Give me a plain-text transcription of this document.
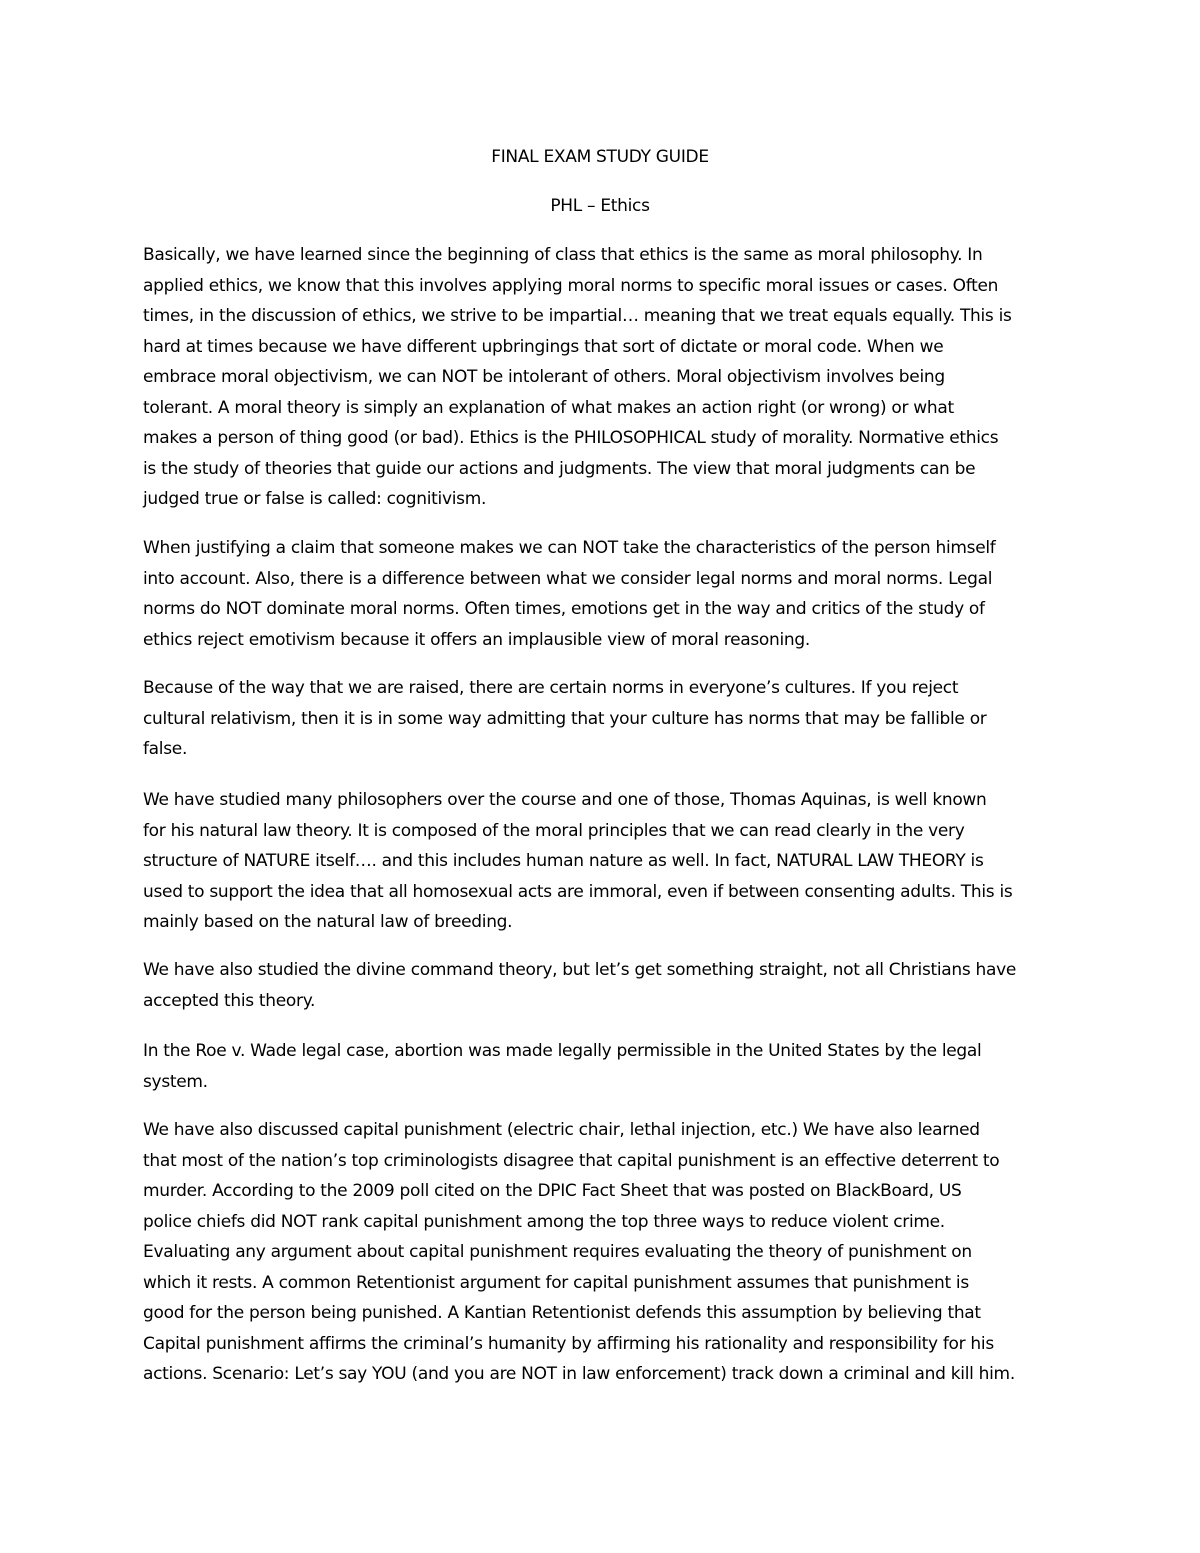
FINAL EXAM STUDY GUIDE

PHL – Ethics

Basically, we have learned since the beginning of class that ethics is the same as moral philosophy. In
applied ethics, we know that this involves applying moral norms to specific moral issues or cases. Often
times, in the discussion of ethics, we strive to be impartial… meaning that we treat equals equally. This is
hard at times because we have different upbringings that sort of dictate or moral code. When we
embrace moral objectivism, we can NOT be intolerant of others. Moral objectivism involves being
tolerant. A moral theory is simply an explanation of what makes an action right (or wrong) or what
makes a person of thing good (or bad). Ethics is the PHILOSOPHICAL study of morality. Normative ethics
is the study of theories that guide our actions and judgments. The view that moral judgments can be
judged true or false is called: cognitivism.
When justifying a claim that someone makes we can NOT take the characteristics of the person himself
into account. Also, there is a difference between what we consider legal norms and moral norms. Legal
norms do NOT dominate moral norms. Often times, emotions get in the way and critics of the study of
ethics reject emotivism because it offers an implausible view of moral reasoning.
Because of the way that we are raised, there are certain norms in everyone’s cultures. If you reject
cultural relativism, then it is in some way admitting that your culture has norms that may be fallible or
false.
We have studied many philosophers over the course and one of those, Thomas Aquinas, is well known
for his natural law theory. It is composed of the moral principles that we can read clearly in the very
structure of NATURE itself…. and this includes human nature as well. In fact, NATURAL LAW THEORY is
used to support the idea that all homosexual acts are immoral, even if between consenting adults. This is
mainly based on the natural law of breeding.
We have also studied the divine command theory, but let’s get something straight, not all Christians have
accepted this theory.
In the Roe v. Wade legal case, abortion was made legally permissible in the United States by the legal
system.
We have also discussed capital punishment (electric chair, lethal injection, etc.) We have also learned
that most of the nation’s top criminologists disagree that capital punishment is an effective deterrent to
murder. According to the 2009 poll cited on the DPIC Fact Sheet that was posted on BlackBoard, US
police chiefs did NOT rank capital punishment among the top three ways to reduce violent crime.
Evaluating any argument about capital punishment requires evaluating the theory of punishment on
which it rests. A common Retentionist argument for capital punishment assumes that punishment is
good for the person being punished. A Kantian Retentionist defends this assumption by believing that
Capital punishment affirms the criminal’s humanity by affirming his rationality and responsibility for his
actions. Scenario: Let’s say YOU (and you are NOT in law enforcement) track down a criminal and kill him.
